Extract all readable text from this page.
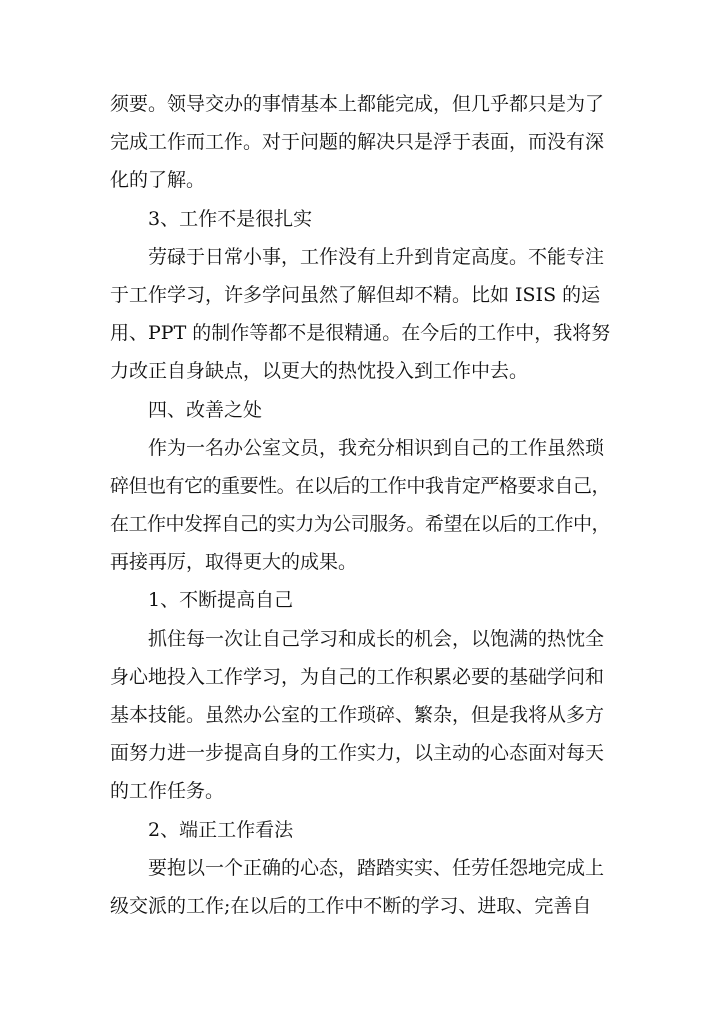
须要。领导交办的事情基本上都能完成，但几乎都只是为了
完成工作而工作。对于问题的解决只是浮于表面，而没有深
化的了解。
3、工作不是很扎实
劳碌于日常小事，工作没有上升到肯定高度。不能专注
于工作学习，许多学问虽然了解但却不精。比如 ISIS 的运
用、PPT 的制作等都不是很精通。在今后的工作中，我将努
力改正自身缺点，以更大的热忱投入到工作中去。
四、改善之处
作为一名办公室文员，我充分相识到自己的工作虽然琐
碎但也有它的重要性。在以后的工作中我肯定严格要求自己，
在工作中发挥自己的实力为公司服务。希望在以后的工作中，
再接再厉，取得更大的成果。
1、不断提高自己
抓住每一次让自己学习和成长的机会，以饱满的热忱全
身心地投入工作学习，为自己的工作积累必要的基础学问和
基本技能。虽然办公室的工作琐碎、繁杂，但是我将从多方
面努力进一步提高自身的工作实力，以主动的心态面对每天
的工作任务。
2、端正工作看法
要抱以一个正确的心态，踏踏实实、任劳任怨地完成上
级交派的工作;在以后的工作中不断的学习、进取、完善自
